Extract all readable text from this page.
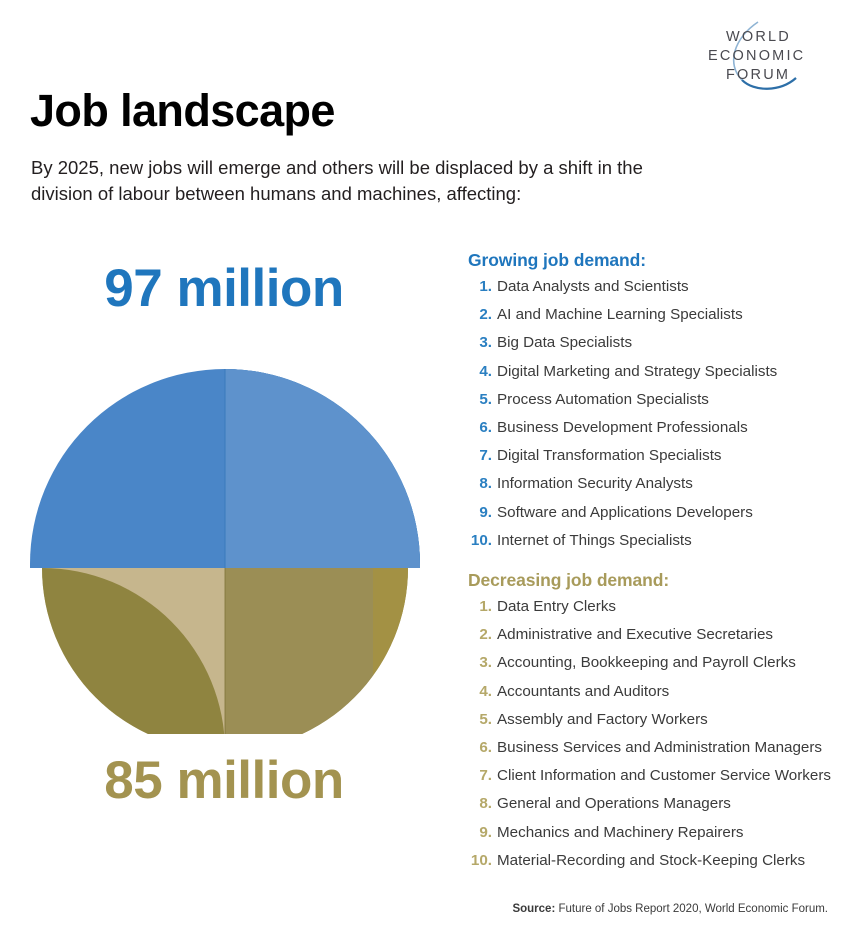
WORLD
ECONOMIC
FORUM
Job landscape
By 2025, new jobs will emerge and others will be displaced by a shift in the division of labour between humans and machines, affecting:
97 million
85 million
Growing job demand:
1. Data Analysts and Scientists
2. AI and Machine Learning Specialists
3. Big Data Specialists
4. Digital Marketing and Strategy Specialists
5. Process Automation Specialists
6. Business Development Professionals
7. Digital Transformation Specialists
8. Information Security Analysts
9. Software and Applications Developers
10. Internet of Things Specialists
Decreasing job demand:
1. Data Entry Clerks
2. Administrative and Executive Secretaries
3. Accounting, Bookkeeping and Payroll Clerks
4. Accountants and Auditors
5. Assembly and Factory Workers
6. Business Services and Administration Managers
7. Client Information and Customer Service Workers
8. General and Operations Managers
9. Mechanics and Machinery Repairers
10. Material-Recording and Stock-Keeping Clerks
Source: Future of Jobs Report 2020, World Economic Forum.
